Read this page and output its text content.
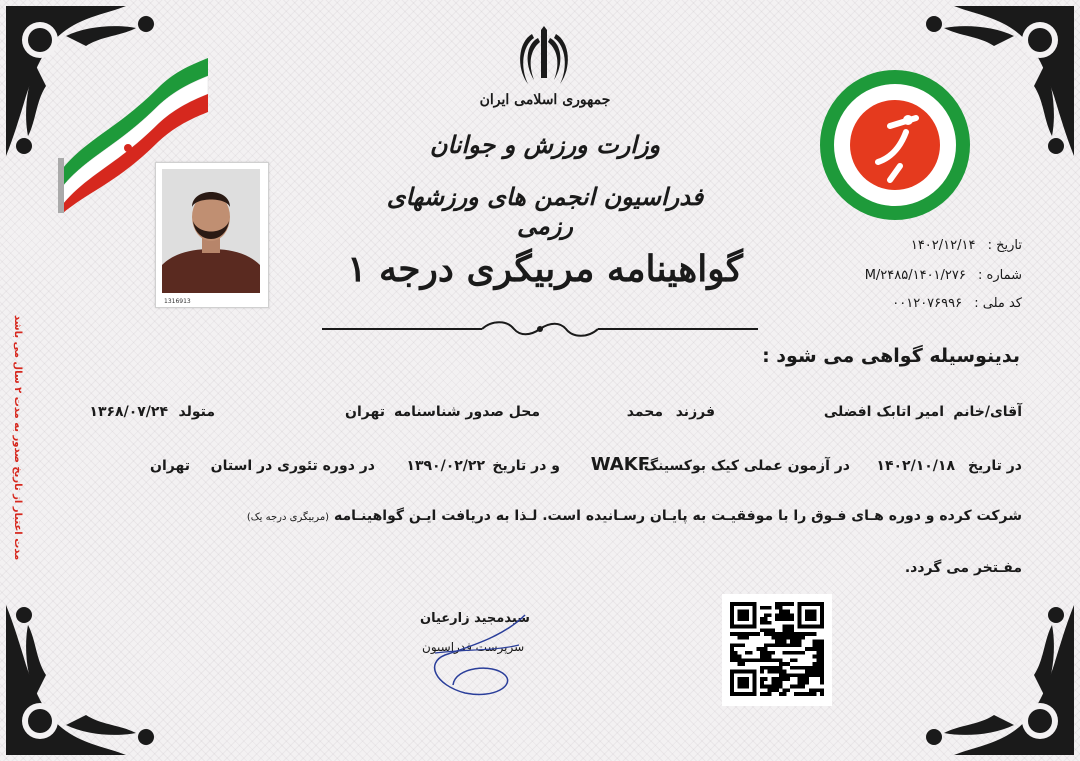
جمهوری اسلامی ایران
وزارت ورزش و جوانان
فدراسیون انجمن های ورزشهای رزمی
1316913
تاریخ : ۱۴۰۲/۱۲/۱۴
شماره : ۱۴۰۱/۲۷۶/M/۲۴۸۵
کد ملی : ۰۰۱۲۰۷۶۹۹۶
گواهینامه مربیگری درجه ۱
بدینوسیله گواهی می شود :
آقای/خانم
امیر اتابک افضلی
فرزند
محمد
محل صدور شناسنامه
تهران
متولد
۱۳۶۸/۰۷/۲۴
در تاریخ
۱۴۰۲/۱۰/۱۸
در آزمون عملی کیک بوکسینگ
WAKF
و در تاریخ
۱۳۹۰/۰۲/۲۲
در دوره تئوری در استان
تهران
شرکت کرده و دوره هـای فـوق را با موفقیـت به پایـان رسـانیده است. لـذا به دریافت ایـن گواهینـامه (مربیگری درجه یک)
مفـتخر می گردد.
سیدمجید زارعیان
سرپرست فدراسیون
مدت اعتبار از تاریخ صدور به مدت ۲ سال می باشد
